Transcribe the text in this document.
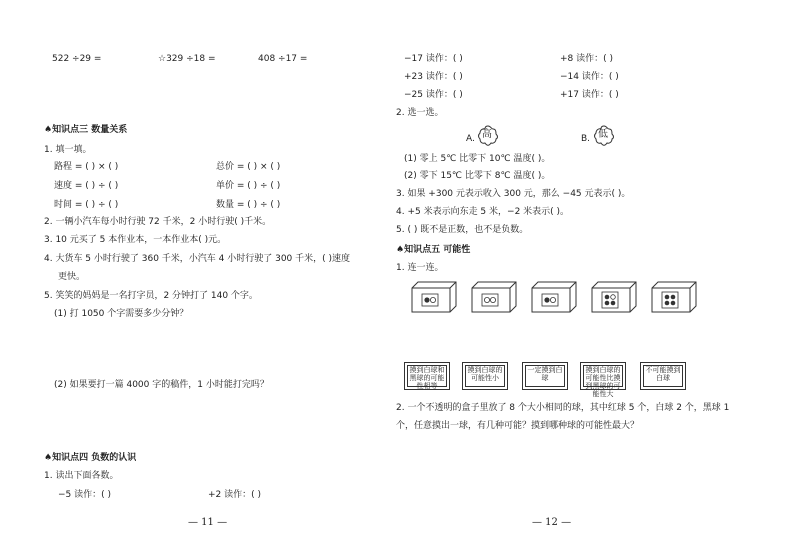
522 ÷29 =	☆329 ÷18 =	408 ÷17 =
♠知识点三 数量关系
1. 填一填。
路程 = ( ) × ( )	总价 = ( ) × ( )
速度 = ( ) ÷ ( )	单价 = ( ) ÷ ( )
时间 = ( ) ÷ ( )	数量 = ( ) ÷ ( )
2. 一辆小汽车每小时行驶 72 千米，2 小时行驶( )千米。
3. 10 元买了 5 本作业本，一本作业本( )元。
4. 大货车 5 小时行驶了 360 千米，小汽车 4 小时行驶了 300 千米，( )速度
更快。
5. 笑笑的妈妈是一名打字员，2 分钟打了 140 个字。
(1) 打 1050 个字需要多少分钟？
(2) 如果要打一篇 4000 字的稿件，1 小时能打完吗？
♠知识点四 负数的认识
1. 读出下面各数。
−5 读作：( )	+2 读作：( )
— 11 —
−17 读作：( )	+8 读作：( )
+23 读作：( )	−14 读作：( )
−25 读作：( )	+17 读作：( )
2. 选一选。
A. 高	B. 低
(1) 零上 5℃ 比零下 10℃ 温度( )。
(2) 零下 15℃ 比零下 8℃ 温度( )。
3. 如果 +300 元表示收入 300 元，那么 −45 元表示( )。
4. +5 米表示向东走 5 米，−2 米表示( )。
5. ( ) 既不是正数，也不是负数。
♠知识点五 可能性
1. 连一连。
摸到白球和黑球的可能性相等
摸到白球的可能性小
一定摸到白球
摸到白球的可能性比摸到黑球的可能性大
不可能摸到白球
2. 一个不透明的盒子里放了 8 个大小相同的球，其中红球 5 个，白球 2 个，黑球 1
个，任意摸出一球，有几种可能？摸到哪种球的可能性最大？
— 12 —
